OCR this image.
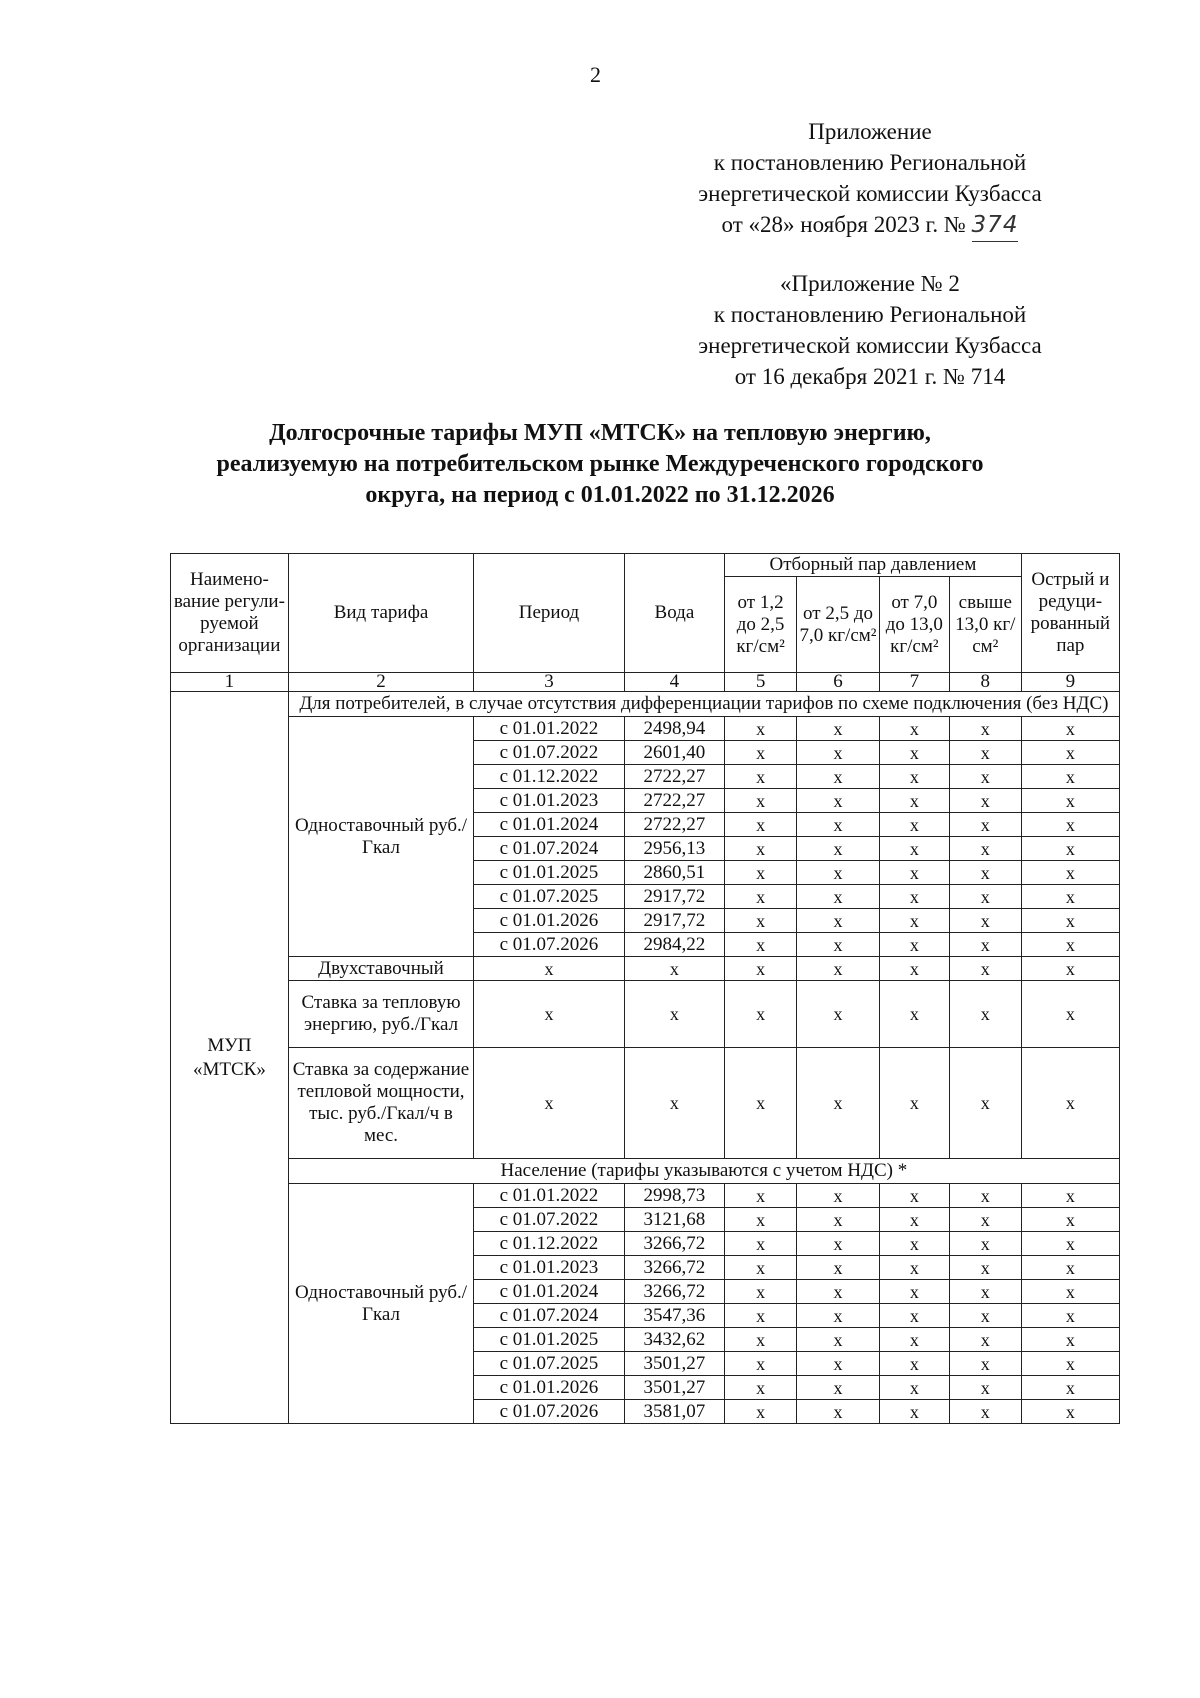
2
Приложение
к постановлению Региональной
энергетической комиссии Кузбасса
от «28» ноября 2023 г. № 374
«Приложение № 2
к постановлению Региональной
энергетической комиссии Кузбасса
от 16 декабря 2021 г. № 714
Долгосрочные тарифы МУП «МТСК» на тепловую энергию,
реализуемую на потребительском рынке Междуреченского городского
округа, на период с 01.01.2022 по 31.12.2026
Наимено-вание регули-руемой организации	Вид тарифа	Период	Вода	Отборный пар давлением				Острый и редуци-рованный пар
				от 1,2 до 2,5 кг/см²	от 2,5 до 7,0 кг/см²	от 7,0 до 13,0 кг/см²	свыше 13,0 кг/см²	
1	2	3	4	5	6	7	8	9
МУП «МТСК»	Для потребителей, в случае отсутствия дифференциации тарифов по схеме подключения (без НДС)							
	Одноставочный руб./Гкал	с 01.01.2022	2498,94	x	x	x	x	x
		с 01.07.2022	2601,40	x	x	x	x	x
		с 01.12.2022	2722,27	x	x	x	x	x
		с 01.01.2023	2722,27	x	x	x	x	x
		с 01.01.2024	2722,27	x	x	x	x	x
		с 01.07.2024	2956,13	x	x	x	x	x
		с 01.01.2025	2860,51	x	x	x	x	x
		с 01.07.2025	2917,72	x	x	x	x	x
		с 01.01.2026	2917,72	x	x	x	x	x
		с 01.07.2026	2984,22	x	x	x	x	x
	Двухставочный	x	x	x	x	x	x	x
	Ставка за тепловую энергию, руб./Гкал	x	x	x	x	x	x	x
	Ставка за содержание тепловой мощности, тыс. руб./Гкал/ч в мес.	x	x	x	x	x	x	x
	Население (тарифы указываются с учетом НДС) *							
	Одноставочный руб./Гкал	с 01.01.2022	2998,73	x	x	x	x	x
		с 01.07.2022	3121,68	x	x	x	x	x
		с 01.12.2022	3266,72	x	x	x	x	x
		с 01.01.2023	3266,72	x	x	x	x	x
		с 01.01.2024	3266,72	x	x	x	x	x
		с 01.07.2024	3547,36	x	x	x	x	x
		с 01.01.2025	3432,62	x	x	x	x	x
		с 01.07.2025	3501,27	x	x	x	x	x
		с 01.01.2026	3501,27	x	x	x	x	x
		с 01.07.2026	3581,07	x	x	x	x	x
